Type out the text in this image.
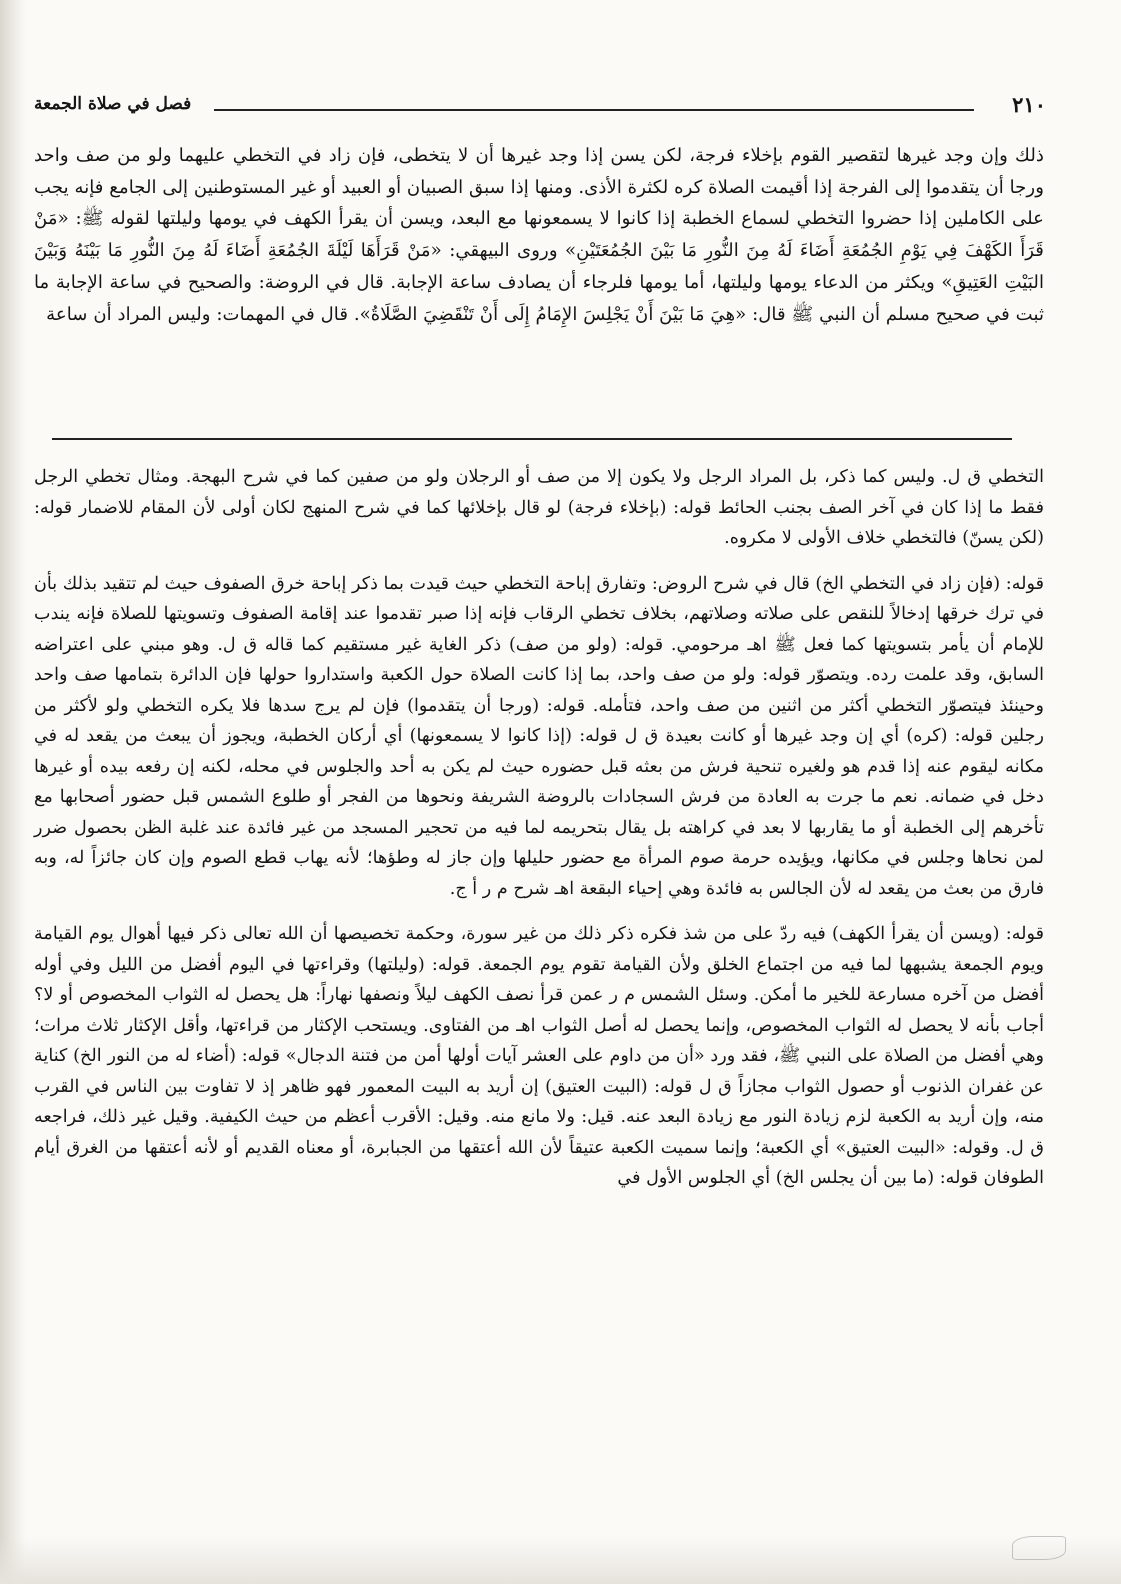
٢١٠
فصل في صلاة الجمعة

ذلك وإن وجد غيرها لتقصير القوم بإخلاء فرجة، لكن يسن إذا وجد غيرها أن لا يتخطى، فإن زاد في التخطي عليهما ولو من صف واحد ورجا أن يتقدموا إلى الفرجة إذا أقيمت الصلاة كره لكثرة الأذى. ومنها إذا سبق الصبيان أو العبيد أو غير المستوطنين إلى الجامع فإنه يجب على الكاملين إذا حضروا التخطي لسماع الخطبة إذا كانوا لا يسمعونها مع البعد، ويسن أن يقرأ الكهف في يومها وليلتها لقوله ﷺ: «مَنْ قَرَأَ الكَهْفَ فِي يَوْمِ الجُمُعَةِ أَضَاءَ لَهُ مِنَ النُّورِ مَا بَيْنَ الجُمُعَتَيْنِ» وروى البيهقي: «مَنْ قَرَأَهَا لَيْلَةَ الجُمُعَةِ أَضَاءَ لَهُ مِنَ النُّورِ مَا بَيْنَهُ وَبَيْنَ البَيْتِ العَتِيقِ» ويكثر من الدعاء يومها وليلتها، أما يومها فلرجاء أن يصادف ساعة الإجابة. قال في الروضة: والصحيح في ساعة الإجابة ما ثبت في صحيح مسلم أن النبي ﷺ قال: «هِيَ مَا بَيْنَ أَنْ يَجْلِسَ الإِمَامُ إِلَى أَنْ تَنْقَضِيَ الصَّلَاةُ». قال في المهمات: وليس المراد أن ساعة

التخطي ق ل. وليس كما ذكر، بل المراد الرجل ولا يكون إلا من صف أو الرجلان ولو من صفين كما في شرح البهجة. ومثال تخطي الرجل فقط ما إذا كان في آخر الصف بجنب الحائط قوله: (بإخلاء فرجة) لو قال بإخلائها كما في شرح المنهج لكان أولى لأن المقام للاضمار قوله: (لكن يسنّ) فالتخطي خلاف الأولى لا مكروه.

قوله: (فإن زاد في التخطي الخ) قال في شرح الروض: وتفارق إباحة التخطي حيث قيدت بما ذكر إباحة خرق الصفوف حيث لم تتقيد بذلك بأن في ترك خرقها إدخالاً للنقص على صلاته وصلاتهم، بخلاف تخطي الرقاب فإنه إذا صبر تقدموا عند إقامة الصفوف وتسويتها للصلاة فإنه يندب للإمام أن يأمر بتسويتها كما فعل ﷺ اهـ مرحومي. قوله: (ولو من صف) ذكر الغاية غير مستقيم كما قاله ق ل. وهو مبني على اعتراضه السابق، وقد علمت رده. ويتصوّر قوله: ولو من صف واحد، بما إذا كانت الصلاة حول الكعبة واستداروا حولها فإن الدائرة بتمامها صف واحد وحينئذ فيتصوّر التخطي أكثر من اثنين من صف واحد، فتأمله. قوله: (ورجا أن يتقدموا) فإن لم يرج سدها فلا يكره التخطي ولو لأكثر من رجلين قوله: (كره) أي إن وجد غيرها أو كانت بعيدة ق ل قوله: (إذا كانوا لا يسمعونها) أي أركان الخطبة، ويجوز أن يبعث من يقعد له في مكانه ليقوم عنه إذا قدم هو ولغيره تنحية فرش من بعثه قبل حضوره حيث لم يكن به أحد والجلوس في محله، لكنه إن رفعه بيده أو غيرها دخل في ضمانه. نعم ما جرت به العادة من فرش السجادات بالروضة الشريفة ونحوها من الفجر أو طلوع الشمس قبل حضور أصحابها مع تأخرهم إلى الخطبة أو ما يقاربها لا بعد في كراهته بل يقال بتحريمه لما فيه من تحجير المسجد من غير فائدة عند غلبة الظن بحصول ضرر لمن نحاها وجلس في مكانها، ويؤيده حرمة صوم المرأة مع حضور حليلها وإن جاز له وطؤها؛ لأنه يهاب قطع الصوم وإن كان جائزاً له، وبه فارق من بعث من يقعد له لأن الجالس به فائدة وهي إحياء البقعة اهـ شرح م ر أ ج.

قوله: (ويسن أن يقرأ الكهف) فيه ردّ على من شذ فكره ذكر ذلك من غير سورة، وحكمة تخصيصها أن الله تعالى ذكر فيها أهوال يوم القيامة ويوم الجمعة يشبهها لما فيه من اجتماع الخلق ولأن القيامة تقوم يوم الجمعة. قوله: (وليلتها) وقراءتها في اليوم أفضل من الليل وفي أوله أفضل من آخره مسارعة للخير ما أمكن. وسئل الشمس م ر عمن قرأ نصف الكهف ليلاً ونصفها نهاراً: هل يحصل له الثواب المخصوص أو لا؟ أجاب بأنه لا يحصل له الثواب المخصوص، وإنما يحصل له أصل الثواب اهـ من الفتاوى. ويستحب الإكثار من قراءتها، وأقل الإكثار ثلاث مرات؛ وهي أفضل من الصلاة على النبي ﷺ، فقد ورد «أن من داوم على العشر آيات أولها أمن من فتنة الدجال» قوله: (أضاء له من النور الخ) كناية عن غفران الذنوب أو حصول الثواب مجازاً ق ل قوله: (البيت العتيق) إن أريد به البيت المعمور فهو ظاهر إذ لا تفاوت بين الناس في القرب منه، وإن أريد به الكعبة لزم زيادة النور مع زيادة البعد عنه. قيل: ولا مانع منه. وقيل: الأقرب أعظم من حيث الكيفية. وقيل غير ذلك، فراجعه ق ل. وقوله: «البيت العتيق» أي الكعبة؛ وإنما سميت الكعبة عتيقاً لأن الله أعتقها من الجبابرة، أو معناه القديم أو لأنه أعتقها من الغرق أيام الطوفان قوله: (ما بين أن يجلس الخ) أي الجلوس الأول في
